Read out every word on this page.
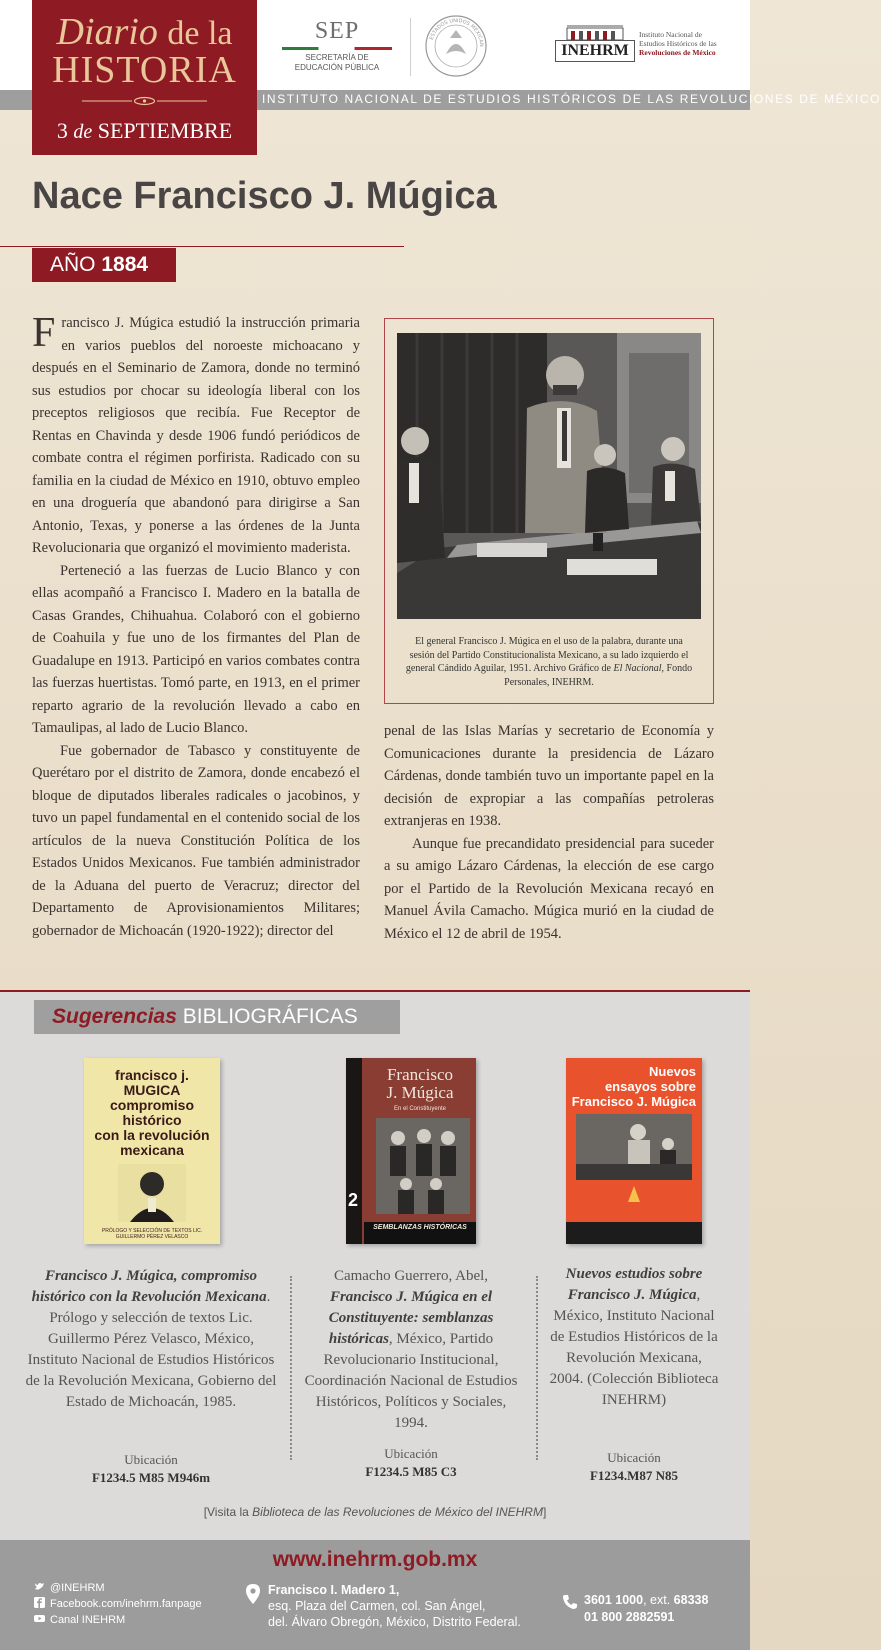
INSTITUTO NACIONAL DE ESTUDIOS HISTÓRICOS DE LAS REVOLUCIONES DE MÉXICO
Diario de la
HISTORIA
3 de SEPTIEMBRE
SEP
SECRETARÍA DE
EDUCACIÓN PÚBLICA
ESTADOS UNIDOS MEXICAN	INEHRM
Instituto Nacional de
Estudios Históricos de las
Revoluciones de México
Nace Francisco J. Múgica
AÑO 1884

Francisco J. Múgica estudió la instrucción primaria en varios pueblos del noroeste michoacano y después en el Seminario de Zamora, donde no terminó sus estudios por chocar su ideología liberal con los preceptos religiosos que recibía. Fue Receptor de Rentas en Chavinda y desde 1906 fundó periódicos de combate contra el régimen porfirista. Radicado con su familia en la ciudad de México en 1910, obtuvo empleo en una droguería que abandonó para dirigirse a San Antonio, Texas, y ponerse a las órdenes de la Junta Revolucionaria que organizó el movimiento maderista.

Perteneció a las fuerzas de Lucio Blanco y con ellas acompañó a Francisco I. Madero en la batalla de Casas Grandes, Chihuahua. Colaboró con el gobierno de Coahuila y fue uno de los firmantes del Plan de Guadalupe en 1913. Participó en varios combates contra las fuerzas huertistas. Tomó parte, en 1913, en el primer reparto agrario de la revolución llevado a cabo en Tamaulipas, al lado de Lucio Blanco.

Fue gobernador de Tabasco y constituyente de Querétaro por el distrito de Zamora, donde encabezó el bloque de diputados liberales radicales o jacobinos, y tuvo un papel fundamental en el contenido social de los artículos de la nueva Constitución Política de los Estados Unidos Mexicanos. Fue también administrador de la Aduana del puerto de Veracruz; director del Departamento de Aprovisionamientos Militares; gobernador de Michoacán (1920-1922); director del

El general Francisco J. Múgica en el uso de la palabra, durante una sesión del Partido Constitucionalista Mexicano, a su lado izquierdo el general Cándido Aguilar, 1951. Archivo Gráfico de El Nacional, Fondo Personales, INEHRM.

penal de las Islas Marías y secretario de Economía y Comunicaciones durante la presidencia de Lázaro Cárdenas, donde también tuvo un importante papel en la decisión de expropiar a las compañías petroleras extranjeras en 1938.

Aunque fue precandidato presidencial para suceder a su amigo Lázaro Cárdenas, la elección de ese cargo por el Partido de la Revolución Mexicana recayó en Manuel Ávila Camacho. Múgica murió en la ciudad de México el 12 de abril de 1954.

Sugerencias BIBLIOGRÁFICAS
francisco j.
MUGICA
compromiso
histórico
con la revolución
mexicana
PRÓLOGO Y SELECCIÓN DE TEXTOS LIC. GUILLERMO PÉREZ VELASCO
Francisco
J. Múgica
En el Constituyente
2
SEMBLANZAS HISTÓRICAS
Nuevos
ensayos sobre
Francisco J. Múgica
Francisco J. Múgica, compromiso histórico con la Revolución Mexicana. Prólogo y selección de textos Lic. Guillermo Pérez Velasco, México, Instituto Nacional de Estudios Históricos de la Revolución Mexicana, Gobierno del Estado de Michoacán, 1985.
Ubicación
F1234.5 M85 M946m
Camacho Guerrero, Abel, Francisco J. Múgica en el Constituyente: semblanzas históricas, México, Partido Revolucionario Institucional, Coordinación Nacional de Estudios Históricos, Políticos y Sociales, 1994.
Ubicación
F1234.5 M85 C3
Nuevos estudios sobre Francisco J. Múgica, México, Instituto Nacional de Estudios Históricos de la Revolución Mexicana, 2004. (Colección Biblioteca INEHRM)
Ubicación
F1234.M87 N85
[Visita la Biblioteca de las Revoluciones de México del INEHRM]
www.inehrm.gob.mx
@INEHRM
Facebook.com/inehrm.fanpage
Canal INEHRM
Francisco I. Madero 1,
esq. Plaza del Carmen, col. San Ángel,
del. Álvaro Obregón, México, Distrito Federal.
3601 1000, ext. 68338
01 800 2882591
